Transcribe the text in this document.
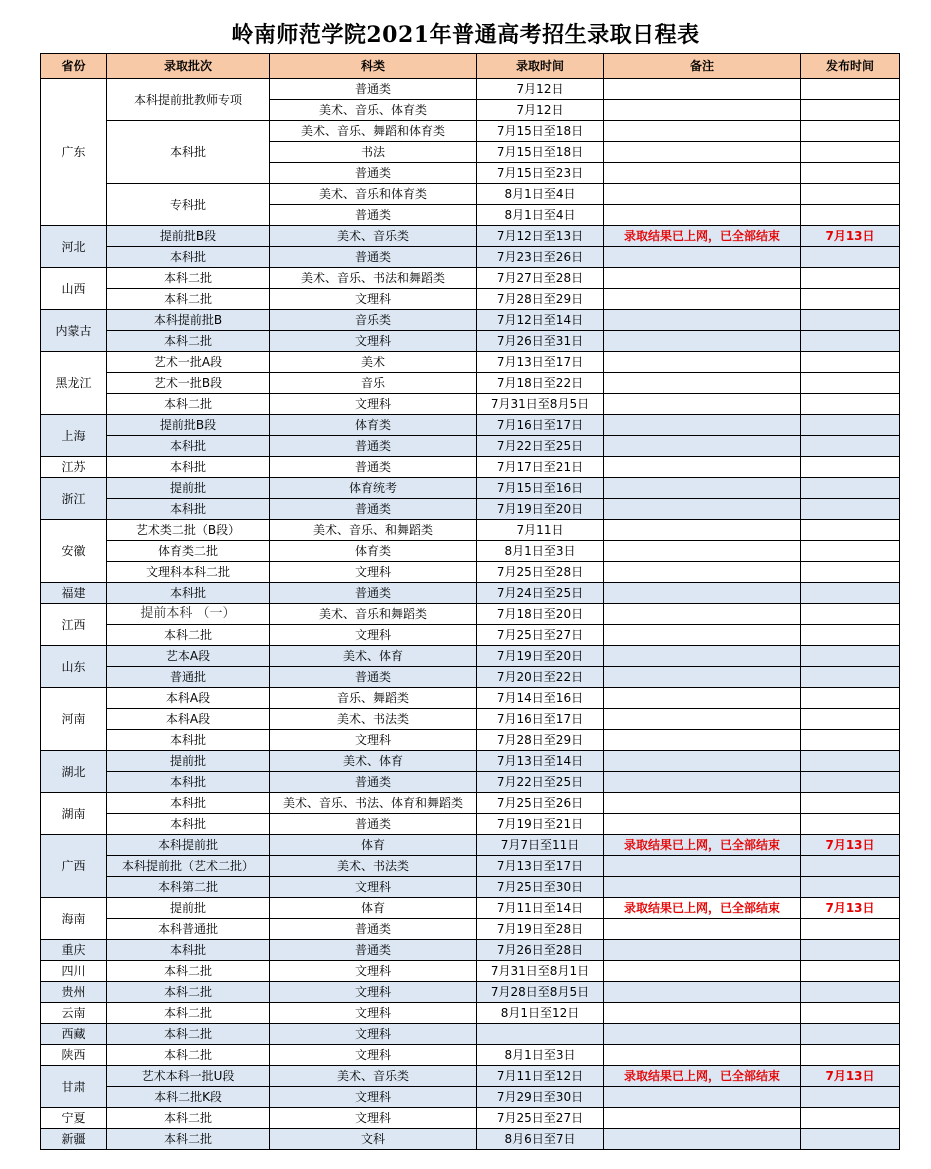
岭南师范学院2021年普通高考招生录取日程表
省份	录取批次	科类	录取时间	备注	发布时间
广东	本科提前批教师专项	普通类	7月12日		
		美术、音乐、体育类	7月12日		
	本科批	美术、音乐、舞蹈和体育类	7月15日至18日		
		书法	7月15日至18日		
		普通类	7月15日至23日		
	专科批	美术、音乐和体育类	8月1日至4日		
		普通类	8月1日至4日		
河北	提前批B段	美术、音乐类	7月12日至13日	录取结果已上网，已全部结束	7月13日
	本科批	普通类	7月23日至26日		
山西	本科二批	美术、音乐、书法和舞蹈类	7月27日至28日		
	本科二批	文理科	7月28日至29日		
内蒙古	本科提前批B	音乐类	7月12日至14日		
	本科二批	文理科	7月26日至31日		
黑龙江	艺术一批A段	美术	7月13日至17日		
	艺术一批B段	音乐	7月18日至22日		
	本科二批	文理科	7月31日至8月5日		
上海	提前批B段	体育类	7月16日至17日		
	本科批	普通类	7月22日至25日		
江苏	本科批	普通类	7月17日至21日		
浙江	提前批	体育统考	7月15日至16日		
	本科批	普通类	7月19日至20日		
安徽	艺术类二批（B段）	美术、音乐、和舞蹈类	7月11日		
	体育类二批	体育类	8月1日至3日		
	文理科本科二批	文理科	7月25日至28日		
福建	本科批	普通类	7月24日至25日		
江西	提前本科 （一）	美术、音乐和舞蹈类	7月18日至20日		
	本科二批	文理科	7月25日至27日		
山东	艺本A段	美术、体育	7月19日至20日		
	普通批	普通类	7月20日至22日		
河南	本科A段	音乐、舞蹈类	7月14日至16日		
	本科A段	美术、书法类	7月16日至17日		
	本科批	文理科	7月28日至29日		
湖北	提前批	美术、体育	7月13日至14日		
	本科批	普通类	7月22日至25日		
湖南	本科批	美术、音乐、书法、体育和舞蹈类	7月25日至26日		
	本科批	普通类	7月19日至21日		
广西	本科提前批	体育	7月7日至11日	录取结果已上网，已全部结束	7月13日
	本科提前批（艺术二批）	美术、书法类	7月13日至17日		
	本科第二批	文理科	7月25日至30日		
海南	提前批	体育	7月11日至14日	录取结果已上网，已全部结束	7月13日
	本科普通批	普通类	7月19日至28日		
重庆	本科批	普通类	7月26日至28日		
四川	本科二批	文理科	7月31日至8月1日		
贵州	本科二批	文理科	7月28日至8月5日		
云南	本科二批	文理科	8月1日至12日		
西藏	本科二批	文理科			
陕西	本科二批	文理科	8月1日至3日		
甘肃	艺术本科一批U段	美术、音乐类	7月11日至12日	录取结果已上网，已全部结束	7月13日
	本科二批K段	文理科	7月29日至30日		
宁夏	本科二批	文理科	7月25日至27日		
新疆	本科二批	文科	8月6日至7日		
